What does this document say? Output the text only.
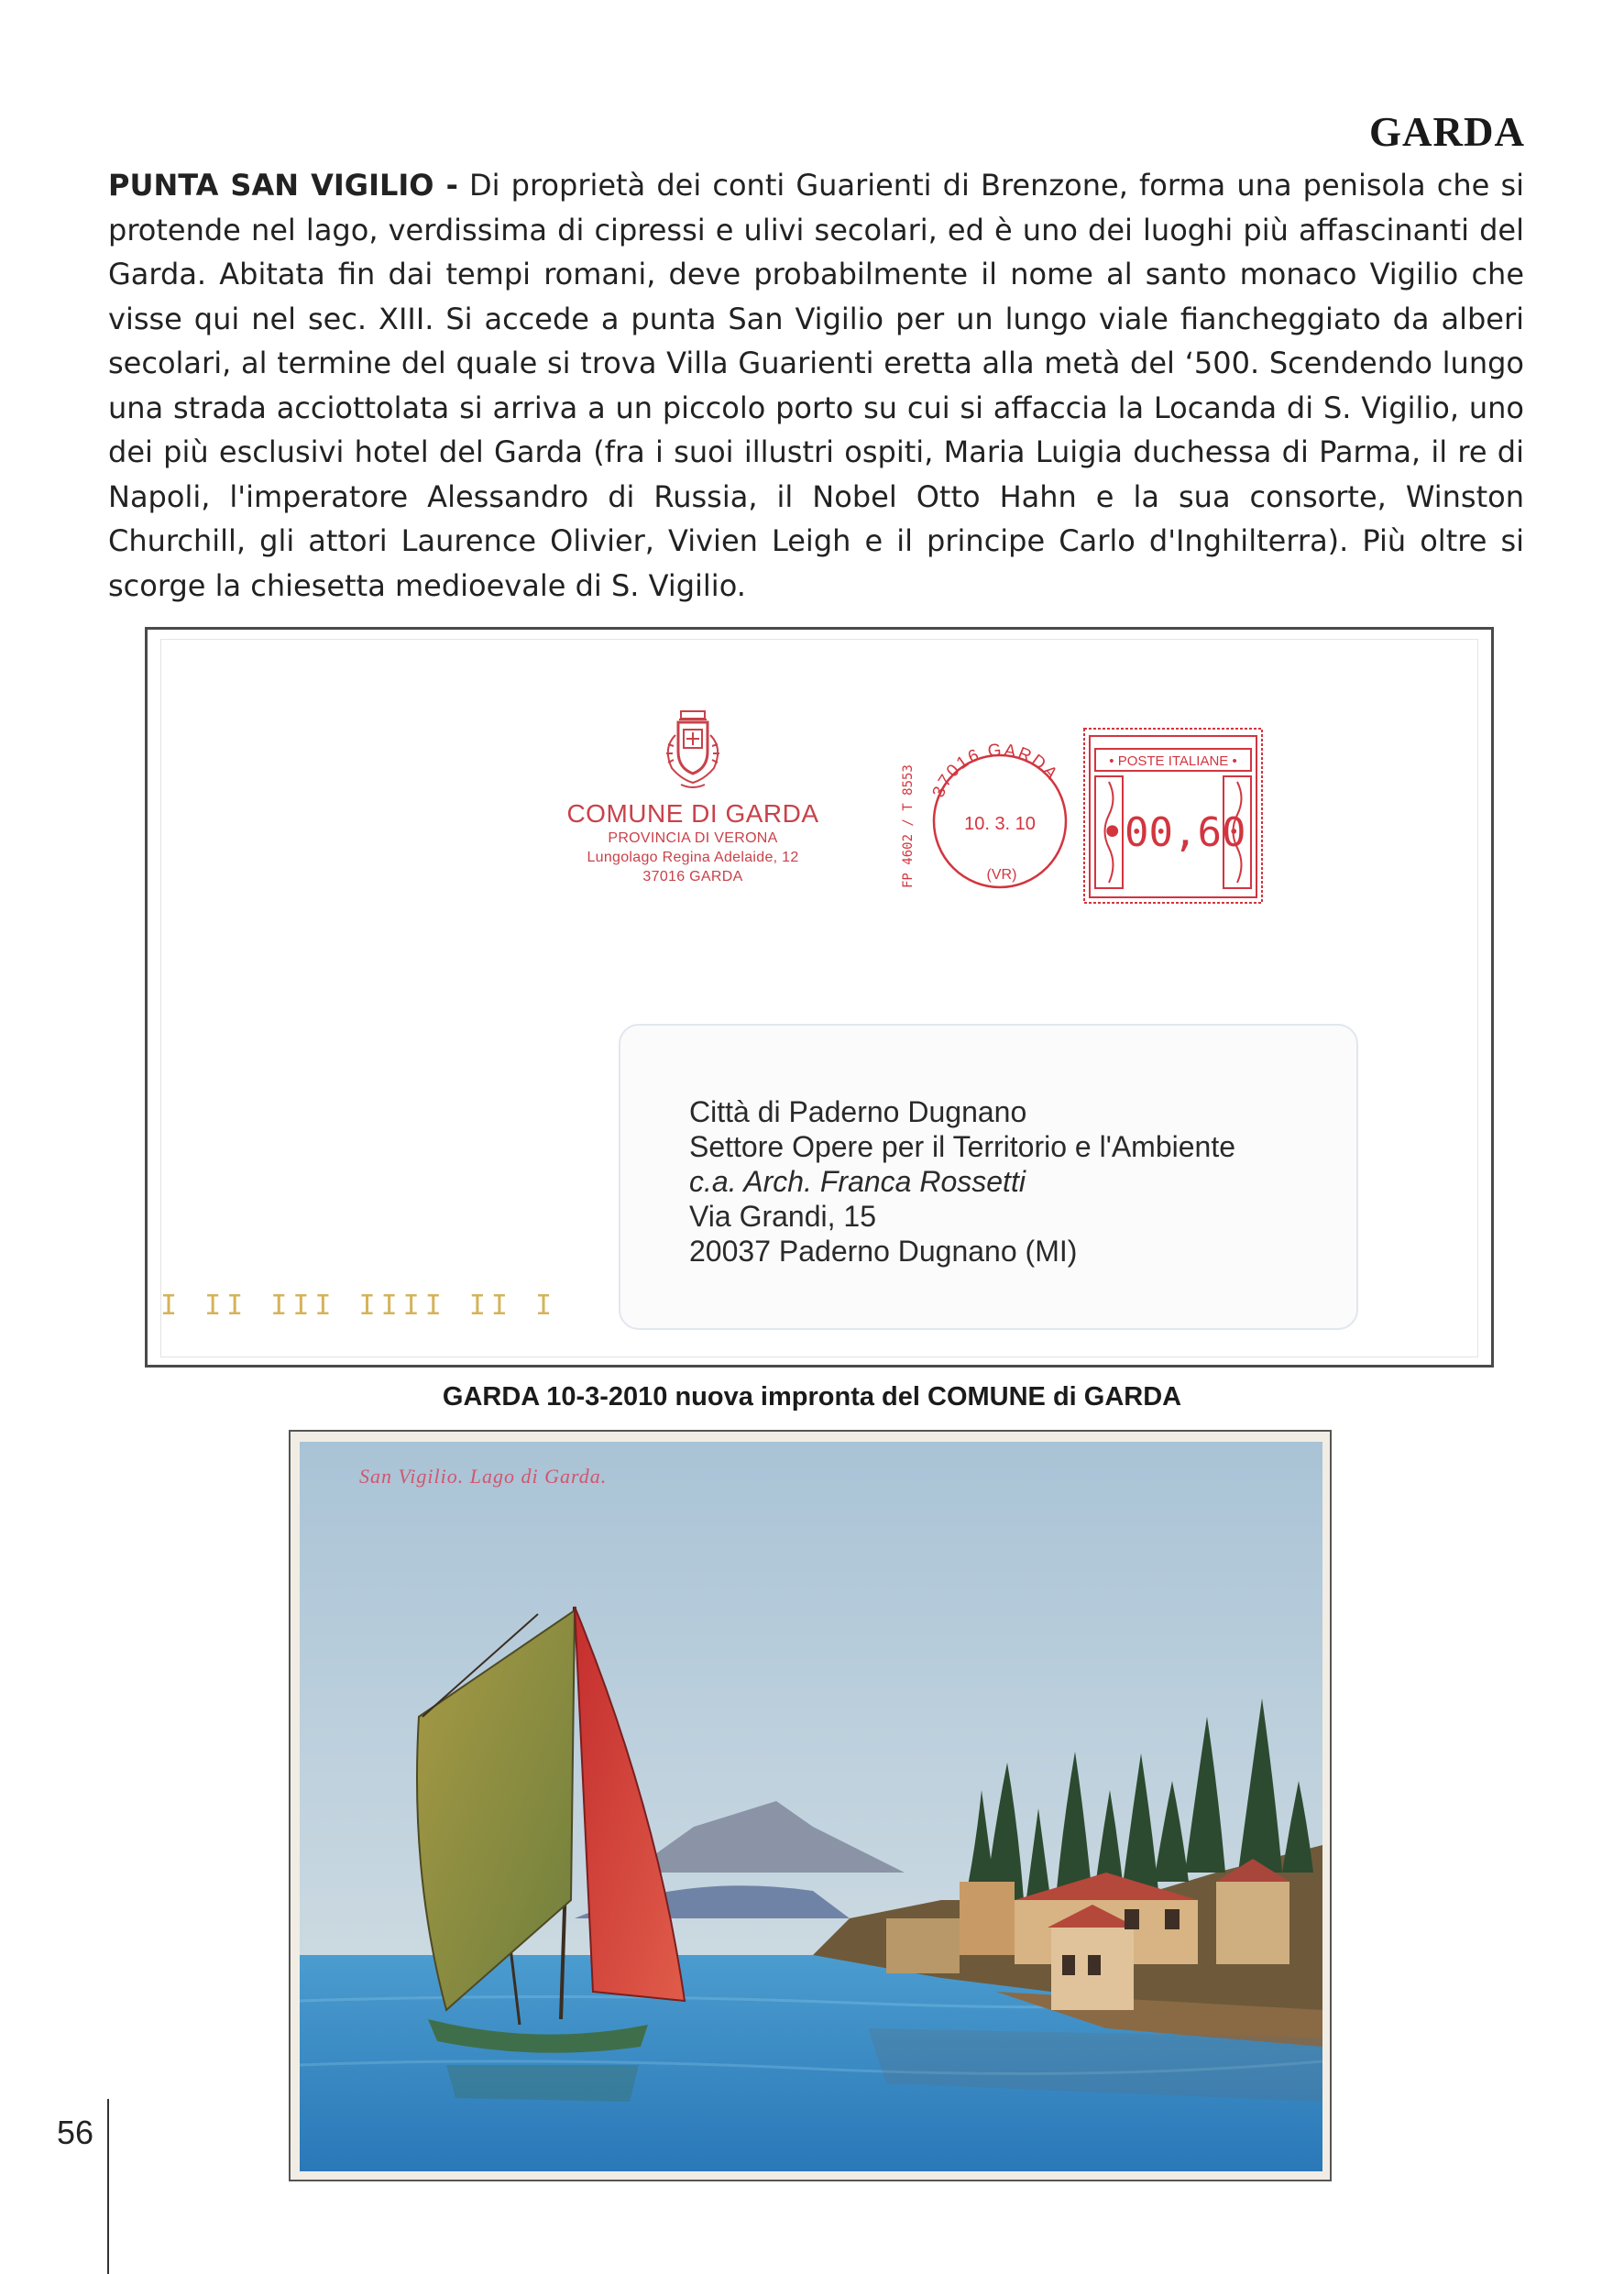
GARDA
PUNTA SAN VIGILIO - Di proprietà dei conti Guarienti di Brenzone, forma una penisola che si protende nel lago, verdissima di cipressi e ulivi secolari, ed è uno dei luoghi più affascinanti del Garda. Abitata fin dai tempi romani, deve probabilmente il nome al santo monaco Vigilio che visse qui nel sec. XIII. Si accede a punta San Vigilio per un lungo viale fiancheggiato da alberi secolari, al termine del quale si trova Villa Guarienti eretta alla metà del ‘500. Scendendo lungo una strada acciottolata si arriva a un piccolo porto su cui si affaccia la Locanda di S. Vigilio, uno dei più esclusivi hotel del Garda (fra i suoi illustri ospiti, Maria Luigia duchessa di Parma, il re di Napoli, l'imperatore Alessandro di Russia, il Nobel Otto Hahn e la sua consorte, Winston Churchill, gli attori Laurence Olivier, Vivien Leigh e il principe Carlo d'Inghilterra). Più oltre si scorge la chiesetta medioevale di S. Vigilio.
COMUNE DI GARDA
PROVINCIA DI VERONA
Lungolago Regina Adelaide, 12
37016 GARDA	FP 4602 / T 8553 37016 GARDA
10. 3. 10
(VR)
• POSTE ITALIANE •
•00,60
Città di Paderno Dugnano
Settore Opere per il Territorio e l'Ambiente
c.a. Arch. Franca Rossetti
Via Grandi, 15
20037 Paderno Dugnano (MI)
I II III IIII II I
GARDA 10-3-2010 nuova impronta del COMUNE di GARDA
San Vigilio. Lago di Garda.
56
